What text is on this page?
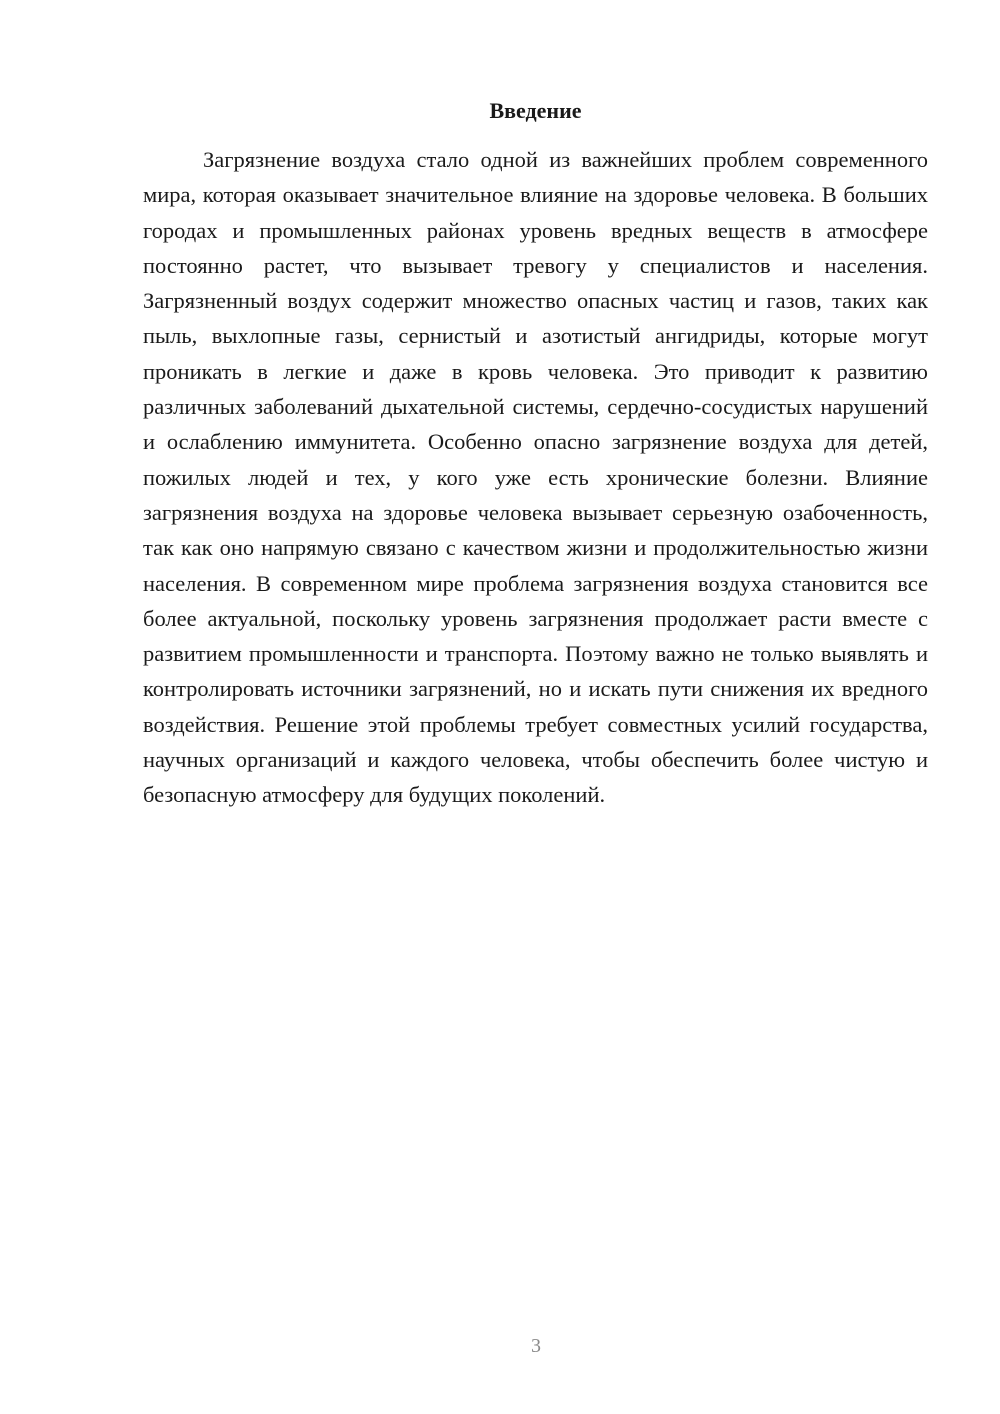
Введение

Загрязнение воздуха стало одной из важнейших проблем современного мира, которая оказывает значительное влияние на здоровье человека. В больших городах и промышленных районах уровень вредных веществ в атмосфере постоянно растет, что вызывает тревогу у специалистов и населения. Загрязненный воздух содержит множество опасных частиц и газов, таких как пыль, выхлопные газы, сернистый и азотистый ангидриды, которые могут проникать в легкие и даже в кровь человека. Это приводит к развитию различных заболеваний дыхательной системы, сердечно-сосудистых нарушений и ослаблению иммунитета. Особенно опасно загрязнение воздуха для детей, пожилых людей и тех, у кого уже есть хронические болезни. Влияние загрязнения воздуха на здоровье человека вызывает серьезную озабоченность, так как оно напрямую связано с качеством жизни и продолжительностью жизни населения. В современном мире проблема загрязнения воздуха становится все более актуальной, поскольку уровень загрязнения продолжает расти вместе с развитием промышленности и транспорта. Поэтому важно не только выявлять и контролировать источники загрязнений, но и искать пути снижения их вредного воздействия. Решение этой проблемы требует совместных усилий государства, научных организаций и каждого человека, чтобы обеспечить более чистую и безопасную атмосферу для будущих поколений.

3
